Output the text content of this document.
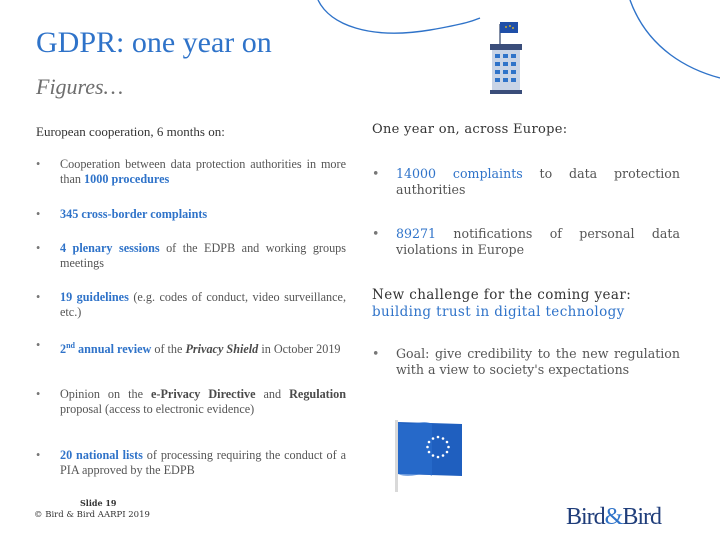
GDPR: one year on
Figures…
European cooperation, 6 months on:	One year on, across Europe:
• Cooperation between data protection authorities in more than 1000 procedures
• 345 cross-border complaints
• 4 plenary sessions of the EDPB and working groups meetings
• 19 guidelines (e.g. codes of conduct, video surveillance, etc.)
• 2nd annual review of the Privacy Shield in October 2019
• Opinion on the e-Privacy Directive and Regulation proposal (access to electronic evidence)
• 20 national lists of processing requiring the conduct of a PIA approved by the EDPB
• 14000 complaints to data protection authorities
• 89271 notifications of personal data violations in Europe
New challenge for the coming year:
building trust in digital technology
• Goal: give credibility to the new regulation with a view to society's expectations
Slide 19
© Bird & Bird AARPI 2019	Bird&Bird
